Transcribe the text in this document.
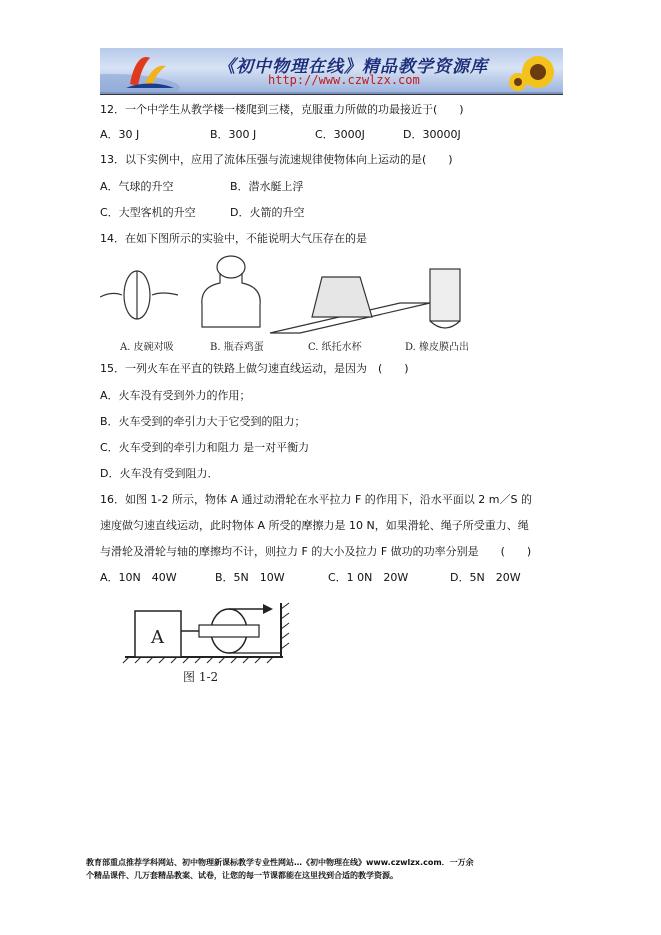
《初中物理在线》精品教学资源库
http://www.czwlzx.com
12．一个中学生从教学楼一楼爬到三楼，克服重力所做的功最接近于(　　)
A．30 J	B．300 J	C．3000J	D．30000J
13．以下实例中，应用了流体压强与流速规律使物体向上运动的是(　　)
A．气球的升空	B．潜水艇上浮
C．大型客机的升空	D．火箭的升空
14．在如下图所示的实验中，不能说明大气压存在的是
A. 皮碗对吸	B. 瓶吞鸡蛋	C. 纸托水杯	D. 橡皮膜凸出
15．一列火车在平直的铁路上做匀速直线运动，是因为　(　　)
A．火车没有受到外力的作用；
B．火车受到的牵引力大于它受到的阻力；
C．火车受到的牵引力和阻力 是一对平衡力
D．火车没有受到阻力．
16．如图 1-2 所示，物体 A 通过动滑轮在水平拉力 F 的作用下，沿水平面以 2 m／S 的
速度做匀速直线运动，此时物体 A 所受的摩擦力是 10 N，如果滑轮、绳子所受重力、绳
与滑轮及滑轮与轴的摩擦均不计，则拉力 F 的大小及拉力 F 做功的功率分别是　　(　　)
A．10N　40W	B．5N　10W	C．1 0N　20W	D．5N　20W
A
图 1-2
教育部重点推荐学科网站、初中物理新课标教学专业性网站…《初中物理在线》www.czwlzx.com．一万余
个精品课件、几万套精品教案、试卷，让您的每一节课都能在这里找到合适的教学资源。
